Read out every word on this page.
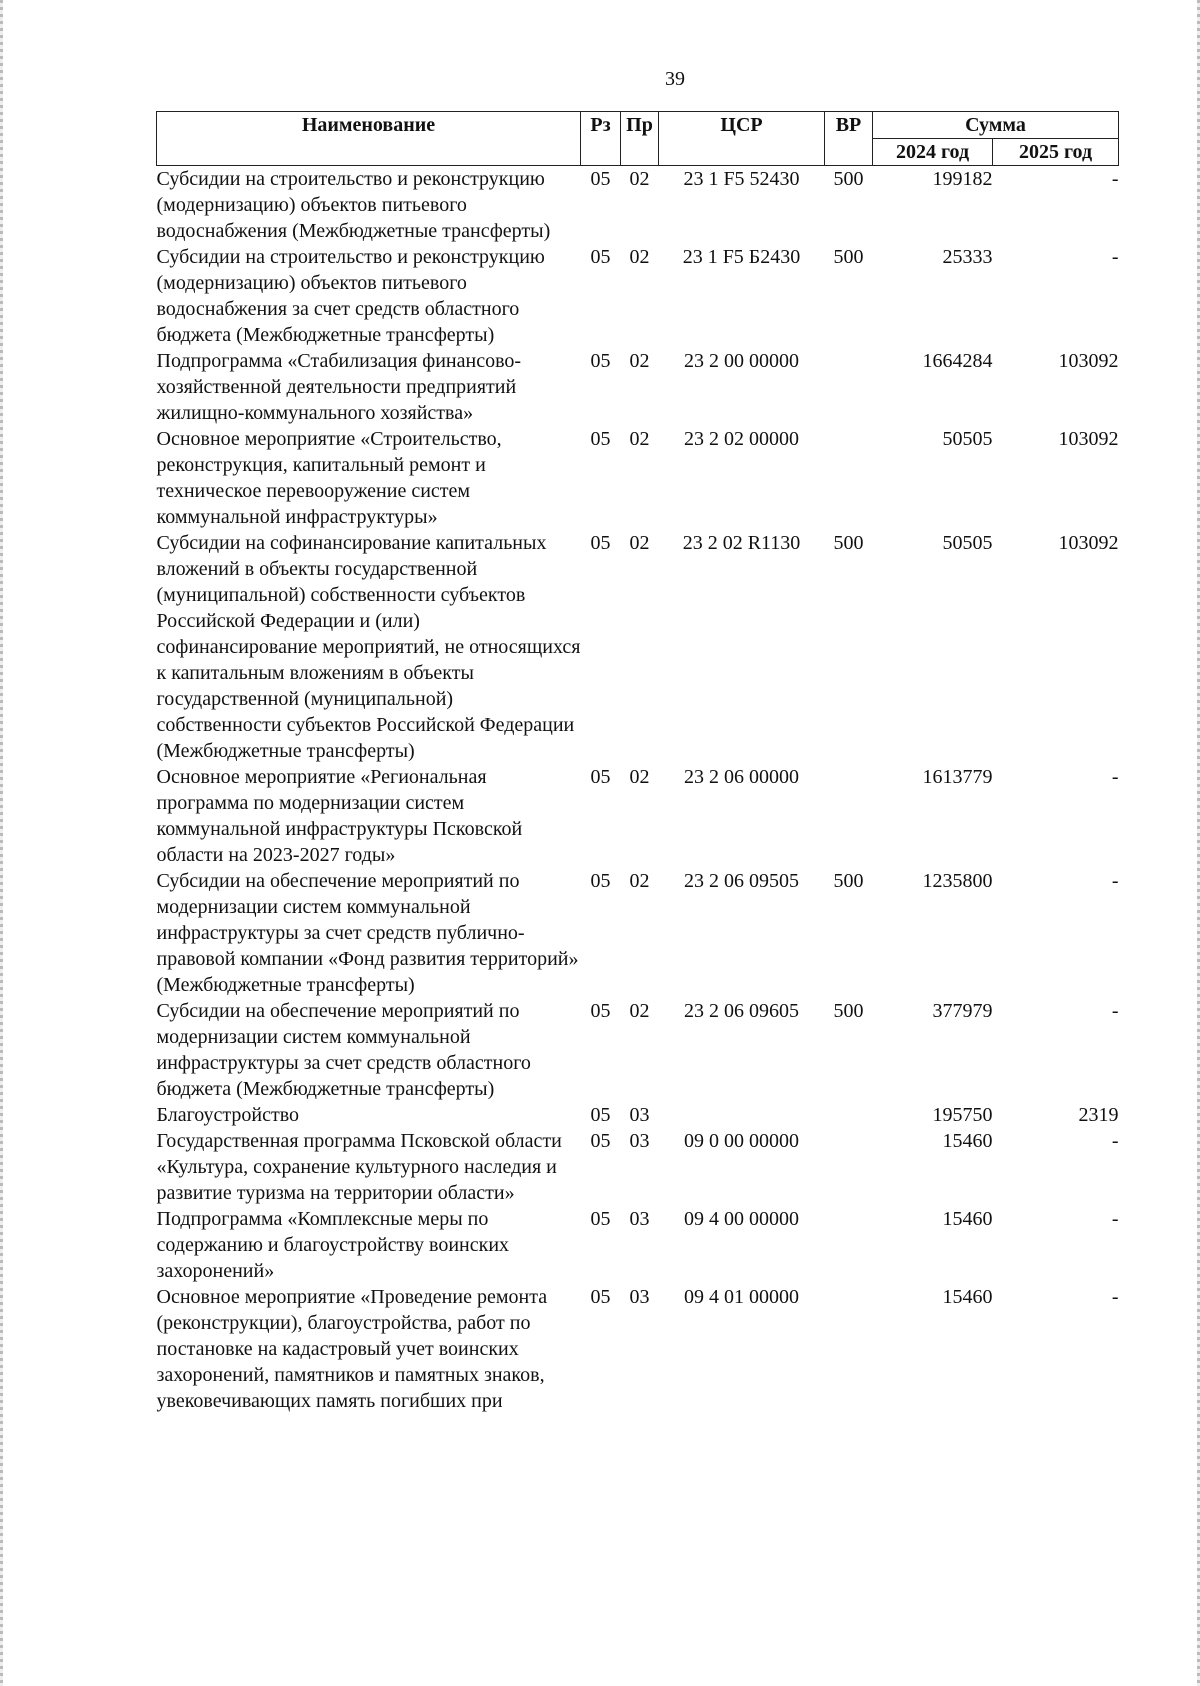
39
Наименование	Рз	Пр	ЦСР	ВР	Сумма	
					2024 год	2025 год
Субсидии на строительство и реконструкцию (модернизацию) объектов питьевого водоснабжения (Межбюджетные трансферты)	05	02	23 1 F5 52430	500	199182	-
Субсидии на строительство и реконструкцию (модернизацию) объектов питьевого водоснабжения за счет средств областного бюджета (Межбюджетные трансферты)	05	02	23 1 F5 Б2430	500	25333	-
Подпрограмма «Стабилизация финансово-хозяйственной деятельности предприятий жилищно-коммунального хозяйства»	05	02	23 2 00 00000		1664284	103092
Основное мероприятие «Строительство, реконструкция, капитальный ремонт и техническое перевооружение систем коммунальной инфраструктуры»	05	02	23 2 02 00000		50505	103092
Субсидии на софинансирование капитальных вложений в объекты государственной (муниципальной) собственности субъектов Российской Федерации и (или) софинансирование мероприятий, не относящихся к капитальным вложениям в объекты государственной (муниципальной) собственности субъектов Российской Федерации (Межбюджетные трансферты)	05	02	23 2 02 R1130	500	50505	103092
Основное мероприятие «Региональная программа по модернизации систем коммунальной инфраструктуры Псковской области на 2023-2027 годы»	05	02	23 2 06 00000		1613779	-
Субсидии на обеспечение мероприятий по модернизации систем коммунальной инфраструктуры за счет средств публично-правовой компании «Фонд развития территорий» (Межбюджетные трансферты)	05	02	23 2 06 09505	500	1235800	-
Субсидии на обеспечение мероприятий по модернизации систем коммунальной инфраструктуры за счет средств областного бюджета (Межбюджетные трансферты)	05	02	23 2 06 09605	500	377979	-
Благоустройство	05	03			195750	2319
Государственная программа Псковской области «Культура, сохранение культурного наследия и развитие туризма на территории области»	05	03	09 0 00 00000		15460	-
Подпрограмма «Комплексные меры по содержанию и благоустройству воинских захоронений»	05	03	09 4 00 00000		15460	-
Основное мероприятие «Проведение ремонта (реконструкции), благоустройства, работ по постановке на кадастровый учет воинских захоронений, памятников и памятных знаков, увековечивающих память погибших при	05	03	09 4 01 00000		15460	-
